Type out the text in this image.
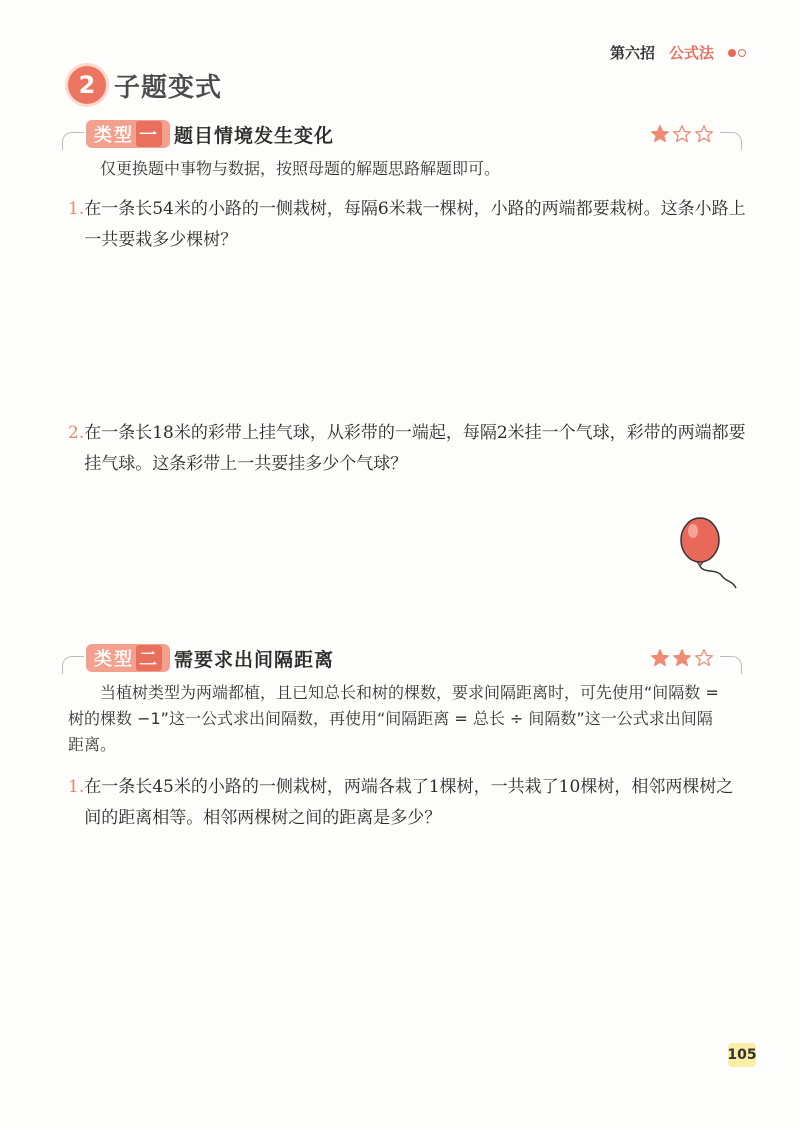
第六招 公式法
2 子题变式
类型 一 题目情境发生变化
仅更换题中事物与数据，按照母题的解题思路解题即可。
1. 在一条长54米的小路的一侧栽树，每隔6米栽一棵树，小路的两端都要栽树。这条小路上一共要栽多少棵树？
2. 在一条长18米的彩带上挂气球，从彩带的一端起，每隔2米挂一个气球，彩带的两端都要挂气球。这条彩带上一共要挂多少个气球？
类型 二 需要求出间隔距离
当植树类型为两端都植，且已知总长和树的棵数，要求间隔距离时，可先使用“间隔数 = 树的棵数 −1”这一公式求出间隔数，再使用“间隔距离 = 总长 ÷ 间隔数”这一公式求出间隔距离。
1. 在一条长45米的小路的一侧栽树，两端各栽了1棵树，一共栽了10棵树，相邻两棵树之间的距离相等。相邻两棵树之间的距离是多少？
105
